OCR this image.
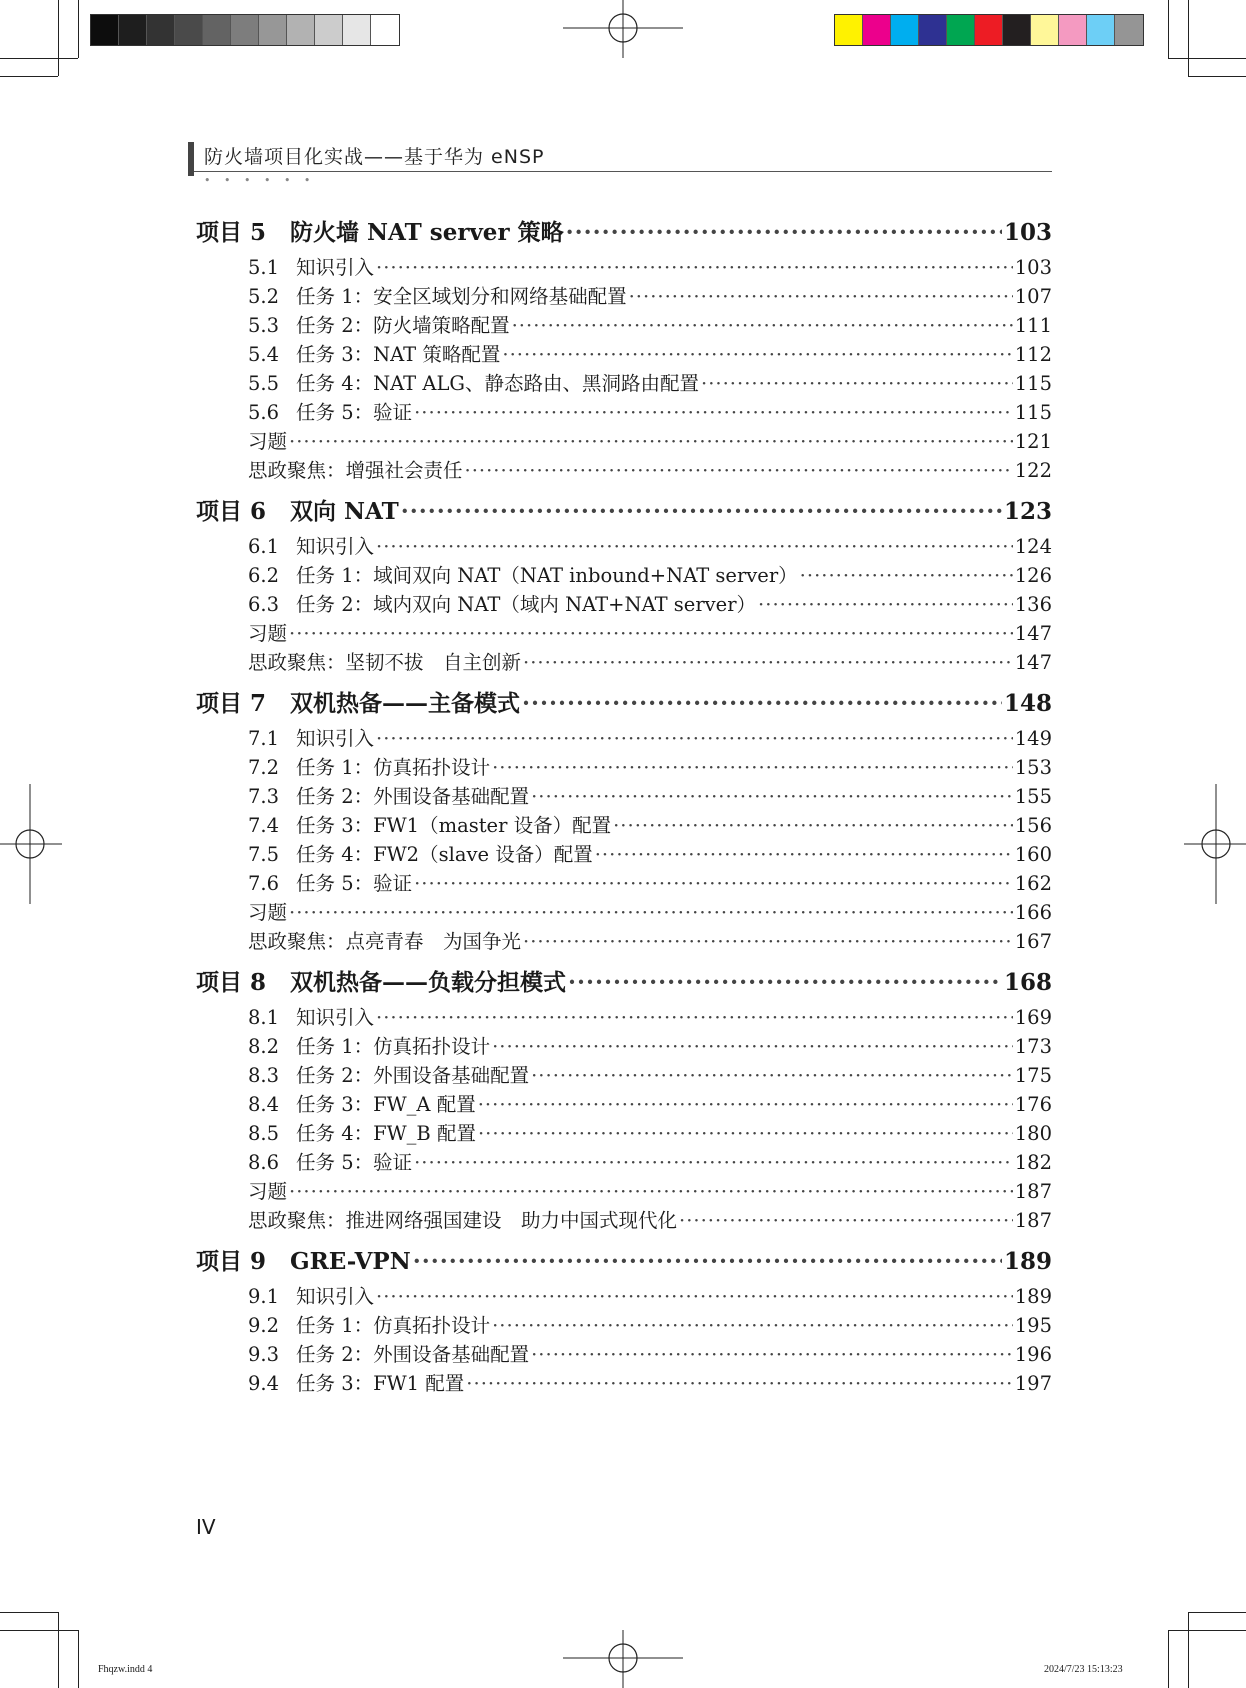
防火墙项目化实战——基于华为 eNSP
• • • • • •
项目 5 防火墙 NAT server 策略 ·····	103
5.1 知识引入 ·····	103
5.2 任务 1：安全区域划分和网络基础配置 ·····	107
5.3 任务 2：防火墙策略配置 ·····	111
5.4 任务 3：NAT 策略配置 ·····	112
5.5 任务 4：NAT ALG、静态路由、黑洞路由配置 ·····	115
5.6 任务 5：验证 ·····	115
习题 ·····	121
思政聚焦：增强社会责任 ·····	122
项目 6 双向 NAT ·····	123
6.1 知识引入 ·····	124
6.2 任务 1：域间双向 NAT（NAT inbound+NAT server） ·····	126
6.3 任务 2：域内双向 NAT（域内 NAT+NAT server） ·····	136
习题 ·····	147
思政聚焦：坚韧不拔　自主创新 ·····	147
项目 7 双机热备——主备模式 ·····	148
7.1 知识引入 ·····	149
7.2 任务 1：仿真拓扑设计 ·····	153
7.3 任务 2：外围设备基础配置 ·····	155
7.4 任务 3：FW1（master 设备）配置 ·····	156
7.5 任务 4：FW2（slave 设备）配置 ·····	160
7.6 任务 5：验证 ·····	162
习题 ·····	166
思政聚焦：点亮青春　为国争光 ·····	167
项目 8 双机热备——负载分担模式 ·····	168
8.1 知识引入 ·····	169
8.2 任务 1：仿真拓扑设计 ·····	173
8.3 任务 2：外围设备基础配置 ·····	175
8.4 任务 3：FW_A 配置 ·····	176
8.5 任务 4：FW_B 配置 ·····	180
8.6 任务 5：验证 ·····	182
习题 ·····	187
思政聚焦：推进网络强国建设　助力中国式现代化 ·····	187
项目 9 GRE-VPN ·····	189
9.1 知识引入 ·····	189
9.2 任务 1：仿真拓扑设计 ·····	195
9.3 任务 2：外围设备基础配置 ·····	196
9.4 任务 3：FW1 配置 ·····	197
IV
Fhqzw.indd 4	2024/7/23 15:13:23
